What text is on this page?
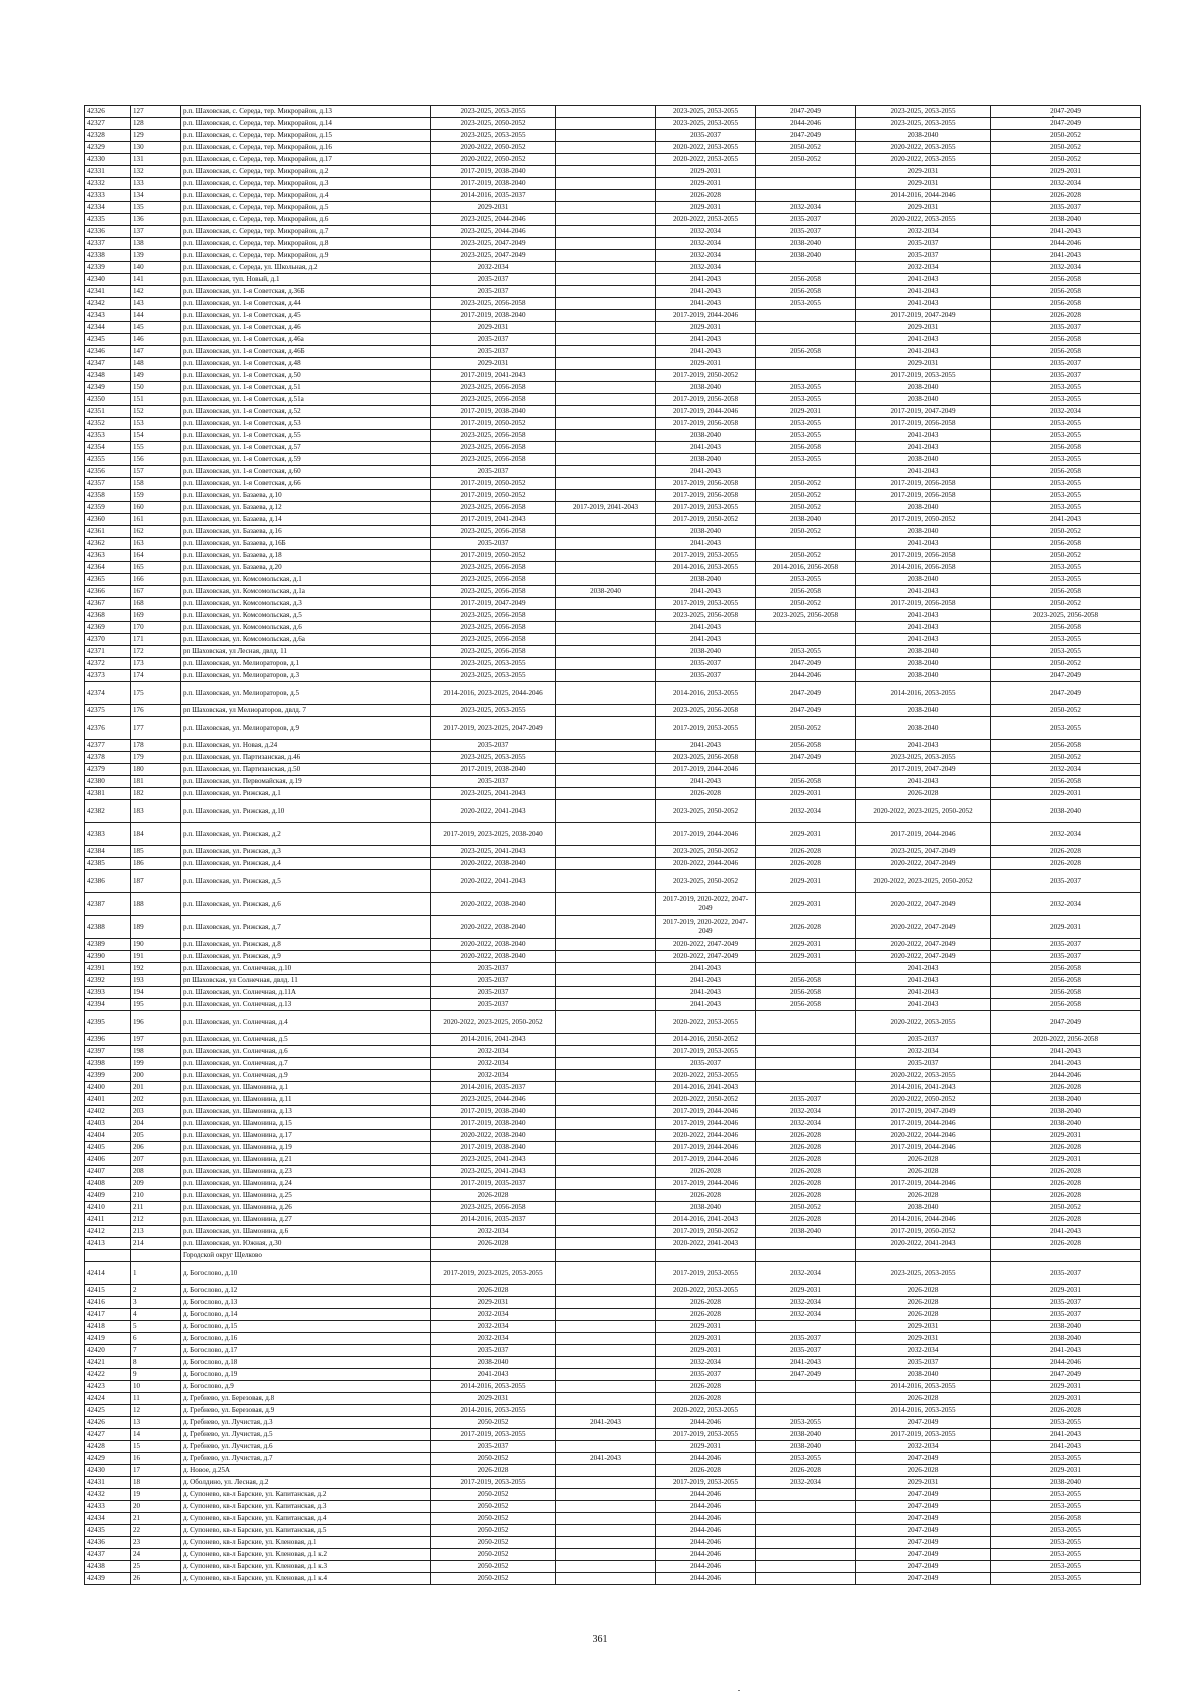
42326	127	р.п. Шаховская, с. Середа, тер. Микрорайон, д.13	2023-2025, 2053-2055		2023-2025, 2053-2055	2047-2049	2023-2025, 2053-2055	2047-2049
42327	128	р.п. Шаховская, с. Середа, тер. Микрорайон, д.14	2023-2025, 2050-2052		2023-2025, 2053-2055	2044-2046	2023-2025, 2053-2055	2047-2049
42328	129	р.п. Шаховская, с. Середа, тер. Микрорайон, д.15	2023-2025, 2053-2055		2035-2037	2047-2049	2038-2040	2050-2052
42329	130	р.п. Шаховская, с. Середа, тер. Микрорайон, д.16	2020-2022, 2050-2052		2020-2022, 2053-2055	2050-2052	2020-2022, 2053-2055	2050-2052
42330	131	р.п. Шаховская, с. Середа, тер. Микрорайон, д.17	2020-2022, 2050-2052		2020-2022, 2053-2055	2050-2052	2020-2022, 2053-2055	2050-2052
42331	132	р.п. Шаховская, с. Середа, тер. Микрорайон, д.2	2017-2019, 2038-2040		2029-2031		2029-2031	2029-2031
42332	133	р.п. Шаховская, с. Середа, тер. Микрорайон, д.3	2017-2019, 2038-2040		2029-2031		2029-2031	2032-2034
42333	134	р.п. Шаховская, с. Середа, тер. Микрорайон, д.4	2014-2016, 2035-2037		2026-2028		2014-2016, 2044-2046	2026-2028
42334	135	р.п. Шаховская, с. Середа, тер. Микрорайон, д.5	2029-2031		2029-2031	2032-2034	2029-2031	2035-2037
42335	136	р.п. Шаховская, с. Середа, тер. Микрорайон, д.6	2023-2025, 2044-2046		2020-2022, 2053-2055	2035-2037	2020-2022, 2053-2055	2038-2040
42336	137	р.п. Шаховская, с. Середа, тер. Микрорайон, д.7	2023-2025, 2044-2046		2032-2034	2035-2037	2032-2034	2041-2043
42337	138	р.п. Шаховская, с. Середа, тер. Микрорайон, д.8	2023-2025, 2047-2049		2032-2034	2038-2040	2035-2037	2044-2046
42338	139	р.п. Шаховская, с. Середа, тер. Микрорайон, д.9	2023-2025, 2047-2049		2032-2034	2038-2040	2035-2037	2041-2043
42339	140	р.п. Шаховская, с. Середа, ул. Школьная, д.2	2032-2034		2032-2034		2032-2034	2032-2034
42340	141	р.п. Шаховская, туп. Новый, д.1	2035-2037		2041-2043	2056-2058	2041-2043	2056-2058
42341	142	р.п. Шаховская, ул. 1-я Советская, д.36Б	2035-2037		2041-2043	2056-2058	2041-2043	2056-2058
42342	143	р.п. Шаховская, ул. 1-я Советская, д.44	2023-2025, 2056-2058		2041-2043	2053-2055	2041-2043	2056-2058
42343	144	р.п. Шаховская, ул. 1-я Советская, д.45	2017-2019, 2038-2040		2017-2019, 2044-2046		2017-2019, 2047-2049	2026-2028
42344	145	р.п. Шаховская, ул. 1-я Советская, д.46	2029-2031		2029-2031		2029-2031	2035-2037
42345	146	р.п. Шаховская, ул. 1-я Советская, д.46а	2035-2037		2041-2043		2041-2043	2056-2058
42346	147	р.п. Шаховская, ул. 1-я Советская, д.46Б	2035-2037		2041-2043	2056-2058	2041-2043	2056-2058
42347	148	р.п. Шаховская, ул. 1-я Советская, д.48	2029-2031		2029-2031		2029-2031	2035-2037
42348	149	р.п. Шаховская, ул. 1-я Советская, д.50	2017-2019, 2041-2043		2017-2019, 2050-2052		2017-2019, 2053-2055	2035-2037
42349	150	р.п. Шаховская, ул. 1-я Советская, д.51	2023-2025, 2056-2058		2038-2040	2053-2055	2038-2040	2053-2055
42350	151	р.п. Шаховская, ул. 1-я Советская, д.51а	2023-2025, 2056-2058		2017-2019, 2056-2058	2053-2055	2038-2040	2053-2055
42351	152	р.п. Шаховская, ул. 1-я Советская, д.52	2017-2019, 2038-2040		2017-2019, 2044-2046	2029-2031	2017-2019, 2047-2049	2032-2034
42352	153	р.п. Шаховская, ул. 1-я Советская, д.53	2017-2019, 2050-2052		2017-2019, 2056-2058	2053-2055	2017-2019, 2056-2058	2053-2055
42353	154	р.п. Шаховская, ул. 1-я Советская, д.55	2023-2025, 2056-2058		2038-2040	2053-2055	2041-2043	2053-2055
42354	155	р.п. Шаховская, ул. 1-я Советская, д.57	2023-2025, 2056-2058		2041-2043	2056-2058	2041-2043	2056-2058
42355	156	р.п. Шаховская, ул. 1-я Советская, д.59	2023-2025, 2056-2058		2038-2040	2053-2055	2038-2040	2053-2055
42356	157	р.п. Шаховская, ул. 1-я Советская, д.60	2035-2037		2041-2043		2041-2043	2056-2058
42357	158	р.п. Шаховская, ул. 1-я Советская, д.66	2017-2019, 2050-2052		2017-2019, 2056-2058	2050-2052	2017-2019, 2056-2058	2053-2055
42358	159	р.п. Шаховская, ул. Базаева, д.10	2017-2019, 2050-2052		2017-2019, 2056-2058	2050-2052	2017-2019, 2056-2058	2053-2055
42359	160	р.п. Шаховская, ул. Базаева, д.12	2023-2025, 2056-2058	2017-2019, 2041-2043	2017-2019, 2053-2055	2050-2052	2038-2040	2053-2055
42360	161	р.п. Шаховская, ул. Базаева, д.14	2017-2019, 2041-2043		2017-2019, 2050-2052	2038-2040	2017-2019, 2050-2052	2041-2043
42361	162	р.п. Шаховская, ул. Базаева, д.16	2023-2025, 2056-2058		2038-2040	2050-2052	2038-2040	2050-2052
42362	163	р.п. Шаховская, ул. Базаева, д.16Б	2035-2037		2041-2043		2041-2043	2056-2058
42363	164	р.п. Шаховская, ул. Базаева, д.18	2017-2019, 2050-2052		2017-2019, 2053-2055	2050-2052	2017-2019, 2056-2058	2050-2052
42364	165	р.п. Шаховская, ул. Базаева, д.20	2023-2025, 2056-2058		2014-2016, 2053-2055	2014-2016, 2056-2058	2014-2016, 2056-2058	2053-2055
42365	166	р.п. Шаховская, ул. Комсомольская, д.1	2023-2025, 2056-2058		2038-2040	2053-2055	2038-2040	2053-2055
42366	167	р.п. Шаховская, ул. Комсомольская, д.1а	2023-2025, 2056-2058	2038-2040	2041-2043	2056-2058	2041-2043	2056-2058
42367	168	р.п. Шаховская, ул. Комсомольская, д.3	2017-2019, 2047-2049		2017-2019, 2053-2055	2050-2052	2017-2019, 2056-2058	2050-2052
42368	169	р.п. Шаховская, ул. Комсомольская, д.5	2023-2025, 2056-2058		2023-2025, 2056-2058	2023-2025, 2056-2058	2041-2043	2023-2025, 2056-2058
42369	170	р.п. Шаховская, ул. Комсомольская, д.6	2023-2025, 2056-2058		2041-2043		2041-2043	2056-2058
42370	171	р.п. Шаховская, ул. Комсомольская, д.6а	2023-2025, 2056-2058		2041-2043		2041-2043	2053-2055
42371	172	рп Шаховская, ул Лесная, двлд. 11	2023-2025, 2056-2058		2038-2040	2053-2055	2038-2040	2053-2055
42372	173	р.п. Шаховская, ул. Мелиораторов, д.1	2023-2025, 2053-2055		2035-2037	2047-2049	2038-2040	2050-2052
42373	174	р.п. Шаховская, ул. Мелиораторов, д.3	2023-2025, 2053-2055		2035-2037	2044-2046	2038-2040	2047-2049
42374	175	р.п. Шаховская, ул. Мелиораторов, д.5	2014-2016, 2023-2025, 2044-2046		2014-2016, 2053-2055	2047-2049	2014-2016, 2053-2055	2047-2049
42375	176	рп Шаховская, ул Мелиораторов, двлд. 7	2023-2025, 2053-2055		2023-2025, 2056-2058	2047-2049	2038-2040	2050-2052
42376	177	р.п. Шаховская, ул. Мелиораторов, д.9	2017-2019, 2023-2025, 2047-2049		2017-2019, 2053-2055	2050-2052	2038-2040	2053-2055
42377	178	р.п. Шаховская, ул. Новая, д.24	2035-2037		2041-2043	2056-2058	2041-2043	2056-2058
42378	179	р.п. Шаховская, ул. Партизанская, д.46	2023-2025, 2053-2055		2023-2025, 2056-2058	2047-2049	2023-2025, 2053-2055	2050-2052
42379	180	р.п. Шаховская, ул. Партизанская, д.50	2017-2019, 2038-2040		2017-2019, 2044-2046		2017-2019, 2047-2049	2032-2034
42380	181	р.п. Шаховская, ул. Первомайская, д.19	2035-2037		2041-2043	2056-2058	2041-2043	2056-2058
42381	182	р.п. Шаховская, ул. Рижская, д.1	2023-2025, 2041-2043		2026-2028	2029-2031	2026-2028	2029-2031
42382	183	р.п. Шаховская, ул. Рижская, д.10	2020-2022, 2041-2043		2023-2025, 2050-2052	2032-2034	2020-2022, 2023-2025, 2050-2052	2038-2040
42383	184	р.п. Шаховская, ул. Рижская, д.2	2017-2019, 2023-2025, 2038-2040		2017-2019, 2044-2046	2029-2031	2017-2019, 2044-2046	2032-2034
42384	185	р.п. Шаховская, ул. Рижская, д.3	2023-2025, 2041-2043		2023-2025, 2050-2052	2026-2028	2023-2025, 2047-2049	2026-2028
42385	186	р.п. Шаховская, ул. Рижская, д.4	2020-2022, 2038-2040		2020-2022, 2044-2046	2026-2028	2020-2022, 2047-2049	2026-2028
42386	187	р.п. Шаховская, ул. Рижская, д.5	2020-2022, 2041-2043		2023-2025, 2050-2052	2029-2031	2020-2022, 2023-2025, 2050-2052	2035-2037
42387	188	р.п. Шаховская, ул. Рижская, д.6	2020-2022, 2038-2040		2017-2019, 2020-2022, 2047-2049	2029-2031	2020-2022, 2047-2049	2032-2034
42388	189	р.п. Шаховская, ул. Рижская, д.7	2020-2022, 2038-2040		2017-2019, 2020-2022, 2047-2049	2026-2028	2020-2022, 2047-2049	2029-2031
42389	190	р.п. Шаховская, ул. Рижская, д.8	2020-2022, 2038-2040		2020-2022, 2047-2049	2029-2031	2020-2022, 2047-2049	2035-2037
42390	191	р.п. Шаховская, ул. Рижская, д.9	2020-2022, 2038-2040		2020-2022, 2047-2049	2029-2031	2020-2022, 2047-2049	2035-2037
42391	192	р.п. Шаховская, ул. Солнечная, д.10	2035-2037		2041-2043		2041-2043	2056-2058
42392	193	рп Шаховская, ул Солнечная, двлд. 11	2035-2037		2041-2043	2056-2058	2041-2043	2056-2058
42393	194	р.п. Шаховская, ул. Солнечная, д.11А	2035-2037		2041-2043	2056-2058	2041-2043	2056-2058
42394	195	р.п. Шаховская, ул. Солнечная, д.13	2035-2037		2041-2043	2056-2058	2041-2043	2056-2058
42395	196	р.п. Шаховская, ул. Солнечная, д.4	2020-2022, 2023-2025, 2050-2052		2020-2022, 2053-2055		2020-2022, 2053-2055	2047-2049
42396	197	р.п. Шаховская, ул. Солнечная, д.5	2014-2016, 2041-2043		2014-2016, 2050-2052		2035-2037	2020-2022, 2056-2058
42397	198	р.п. Шаховская, ул. Солнечная, д.6	2032-2034		2017-2019, 2053-2055		2032-2034	2041-2043
42398	199	р.п. Шаховская, ул. Солнечная, д.7	2032-2034		2035-2037		2035-2037	2041-2043
42399	200	р.п. Шаховская, ул. Солнечная, д.9	2032-2034		2020-2022, 2053-2055		2020-2022, 2053-2055	2044-2046
42400	201	р.п. Шаховская, ул. Шамонина, д.1	2014-2016, 2035-2037		2014-2016, 2041-2043		2014-2016, 2041-2043	2026-2028
42401	202	р.п. Шаховская, ул. Шамонина, д.11	2023-2025, 2044-2046		2020-2022, 2050-2052	2035-2037	2020-2022, 2050-2052	2038-2040
42402	203	р.п. Шаховская, ул. Шамонина, д.13	2017-2019, 2038-2040		2017-2019, 2044-2046	2032-2034	2017-2019, 2047-2049	2038-2040
42403	204	р.п. Шаховская, ул. Шамонина, д.15	2017-2019, 2038-2040		2017-2019, 2044-2046	2032-2034	2017-2019, 2044-2046	2038-2040
42404	205	р.п. Шаховская, ул. Шамонина, д.17	2020-2022, 2038-2040		2020-2022, 2044-2046	2026-2028	2020-2022, 2044-2046	2029-2031
42405	206	р.п. Шаховская, ул. Шамонина, д.19	2017-2019, 2038-2040		2017-2019, 2044-2046	2026-2028	2017-2019, 2044-2046	2026-2028
42406	207	р.п. Шаховская, ул. Шамонина, д.21	2023-2025, 2041-2043		2017-2019, 2044-2046	2026-2028	2026-2028	2029-2031
42407	208	р.п. Шаховская, ул. Шамонина, д.23	2023-2025, 2041-2043		2026-2028	2026-2028	2026-2028	2026-2028
42408	209	р.п. Шаховская, ул. Шамонина, д.24	2017-2019, 2035-2037		2017-2019, 2044-2046	2026-2028	2017-2019, 2044-2046	2026-2028
42409	210	р.п. Шаховская, ул. Шамонина, д.25	2026-2028		2026-2028	2026-2028	2026-2028	2026-2028
42410	211	р.п. Шаховская, ул. Шамонина, д.26	2023-2025, 2056-2058		2038-2040	2050-2052	2038-2040	2050-2052
42411	212	р.п. Шаховская, ул. Шамонина, д.27	2014-2016, 2035-2037		2014-2016, 2041-2043	2026-2028	2014-2016, 2044-2046	2026-2028
42412	213	р.п. Шаховская, ул. Шамонина, д.6	2032-2034		2017-2019, 2050-2052	2038-2040	2017-2019, 2050-2052	2041-2043
42413	214	р.п. Шаховская, ул. Южная, д.30	2026-2028		2020-2022, 2041-2043		2020-2022, 2041-2043	2026-2028
		Городской округ Щелково						
42414	1	д. Богослово, д.10	2017-2019, 2023-2025, 2053-2055		2017-2019, 2053-2055	2032-2034	2023-2025, 2053-2055	2035-2037
42415	2	д. Богослово, д.12	2026-2028		2020-2022, 2053-2055	2029-2031	2026-2028	2029-2031
42416	3	д. Богослово, д.13	2029-2031		2026-2028	2032-2034	2026-2028	2035-2037
42417	4	д. Богослово, д.14	2032-2034		2026-2028	2032-2034	2026-2028	2035-2037
42418	5	д. Богослово, д.15	2032-2034		2029-2031		2029-2031	2038-2040
42419	6	д. Богослово, д.16	2032-2034		2029-2031	2035-2037	2029-2031	2038-2040
42420	7	д. Богослово, д.17	2035-2037		2029-2031	2035-2037	2032-2034	2041-2043
42421	8	д. Богослово, д.18	2038-2040		2032-2034	2041-2043	2035-2037	2044-2046
42422	9	д. Богослово, д.19	2041-2043		2035-2037	2047-2049	2038-2040	2047-2049
42423	10	д. Богослово, д.9	2014-2016, 2053-2055		2026-2028		2014-2016, 2053-2055	2029-2031
42424	11	д. Гребнево, ул. Березовая, д.8	2029-2031		2026-2028		2026-2028	2029-2031
42425	12	д. Гребнево, ул. Березовая, д.9	2014-2016, 2053-2055		2020-2022, 2053-2055		2014-2016, 2053-2055	2026-2028
42426	13	д. Гребнево, ул. Лучистая, д.3	2050-2052	2041-2043	2044-2046	2053-2055	2047-2049	2053-2055
42427	14	д. Гребнево, ул. Лучистая, д.5	2017-2019, 2053-2055		2017-2019, 2053-2055	2038-2040	2017-2019, 2053-2055	2041-2043
42428	15	д. Гребнево, ул. Лучистая, д.6	2035-2037		2029-2031	2038-2040	2032-2034	2041-2043
42429	16	д. Гребнево, ул. Лучистая, д.7	2050-2052	2041-2043	2044-2046	2053-2055	2047-2049	2053-2055
42430	17	д. Новое, д.25А	2026-2028		2026-2028	2026-2028	2026-2028	2029-2031
42431	18	д. Оболдино, ул. Лесная, д.2	2017-2019, 2053-2055		2017-2019, 2053-2055	2032-2034	2029-2031	2038-2040
42432	19	д. Супонево, кв-л Барские, ул. Капитанская, д.2	2050-2052		2044-2046		2047-2049	2053-2055
42433	20	д. Супонево, кв-л Барские, ул. Капитанская, д.3	2050-2052		2044-2046		2047-2049	2053-2055
42434	21	д. Супонево, кв-л Барские, ул. Капитанская, д.4	2050-2052		2044-2046		2047-2049	2056-2058
42435	22	д. Супонево, кв-л Барские, ул. Капитанская, д.5	2050-2052		2044-2046		2047-2049	2053-2055
42436	23	д. Супонево, кв-л Барские, ул. Кленовая, д.1	2050-2052		2044-2046		2047-2049	2053-2055
42437	24	д. Супонево, кв-л Барские, ул. Кленовая, д.1 к.2	2050-2052		2044-2046		2047-2049	2053-2055
42438	25	д. Супонево, кв-л Барские, ул. Кленовая, д.1 к.3	2050-2052		2044-2046		2047-2049	2053-2055
42439	26	д. Супонево, кв-л Барские, ул. Кленовая, д.1 к.4	2050-2052		2044-2046		2047-2049	2053-2055
361
